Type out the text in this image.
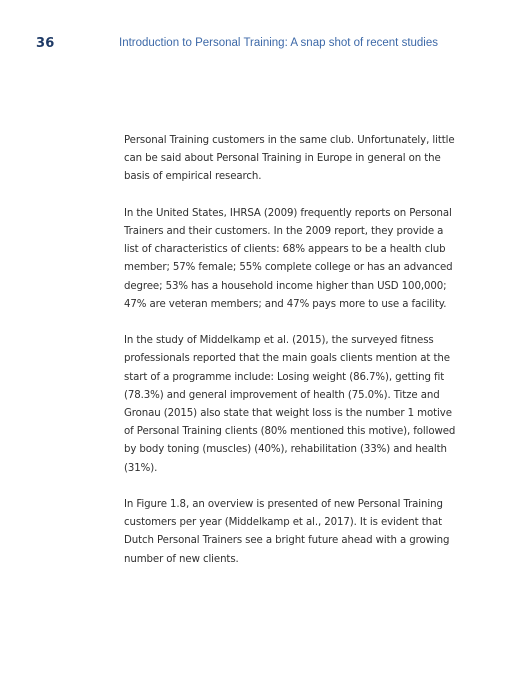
36	Introduction to Personal Training: A snap shot of recent studies

Personal Training customers in the same club. Unfortunately, little
can be said about Personal Training in Europe in general on the
basis of empirical research.

In the United States, IHRSA (2009) frequently reports on Personal
Trainers and their customers. In the 2009 report, they provide a
list of characteristics of clients: 68% appears to be a health club
member; 57% female; 55% complete college or has an advanced
degree; 53% has a household income higher than USD 100,000;
47% are veteran members; and 47% pays more to use a facility.

In the study of Middelkamp et al. (2015), the surveyed fitness
professionals reported that the main goals clients mention at the
start of a programme include: Losing weight (86.7%), getting fit
(78.3%) and general improvement of health (75.0%). Titze and
Gronau (2015) also state that weight loss is the number 1 motive
of Personal Training clients (80% mentioned this motive), followed
by body toning (muscles) (40%), rehabilitation (33%) and health
(31%).

In Figure 1.8, an overview is presented of new Personal Training
customers per year (Middelkamp et al., 2017). It is evident that
Dutch Personal Trainers see a bright future ahead with a growing
number of new clients.
